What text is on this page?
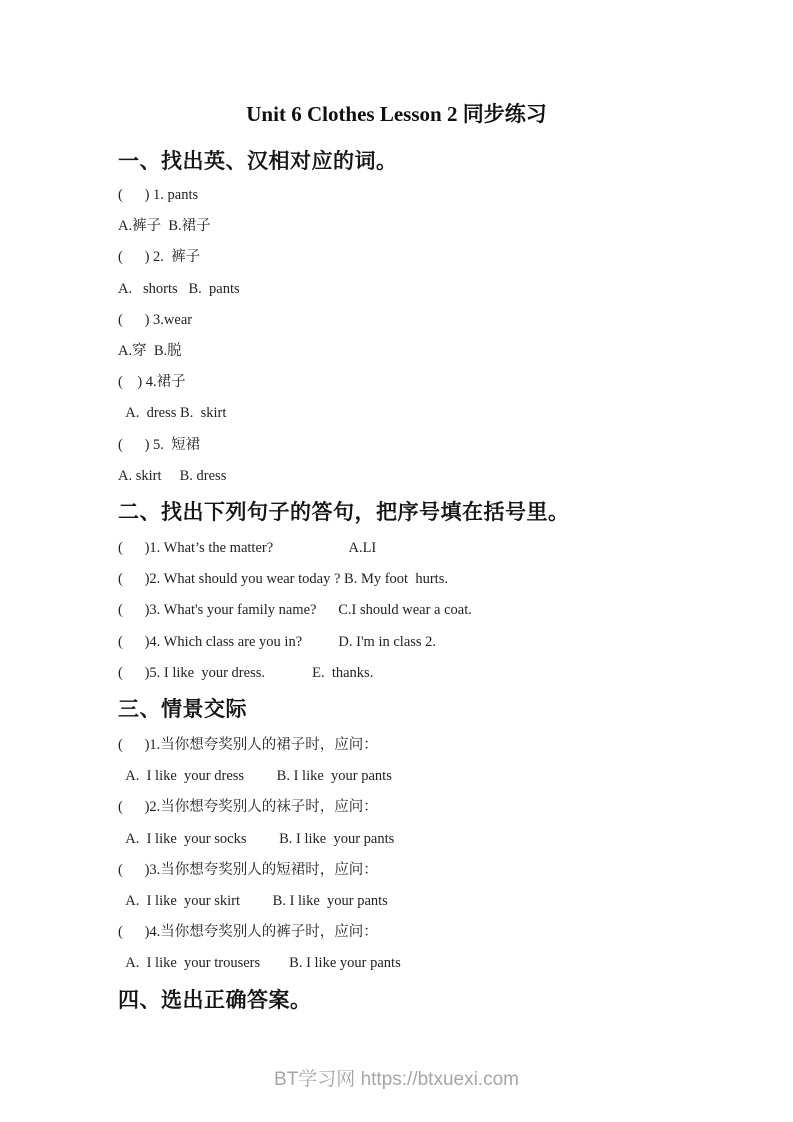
Unit 6 Clothes Lesson 2 同步练习
一、找出英、汉相对应的词。
(      ) 1. pants
A.裤子  B.裙子
(      ) 2.  裤子
A.   shorts   B.  pants
(      ) 3.wear
A.穿  B.脱
(    ) 4.裙子
A.  dress B.  skirt
(      ) 5.  短裙
A. skirt     B. dress
二、找出下列句子的答句，把序号填在括号里。
(      )1. What’s the matter?                     A.LI
(      )2. What should you wear today ? B. My foot  hurts.
(      )3. What's your family name?      C.I should wear a coat.
(      )4. Which class are you in?          D. I'm in class 2.
(      )5. I like  your dress.             E.  thanks.
三、情景交际
(      )1.当你想夸奖别人的裙子时，应问：
A.  I like  your dress         B. I like  your pants
(      )2.当你想夸奖别人的袜子时，应问：
A.  I like  your socks         B. I like  your pants
(      )3.当你想夸奖别人的短裙时，应问：
A.  I like  your skirt         B. I like  your pants
(      )4.当你想夸奖别人的裤子时，应问：
A.  I like  your trousers        B. I like your pants
四、选出正确答案。
BT学习网 https://btxuexi.com
